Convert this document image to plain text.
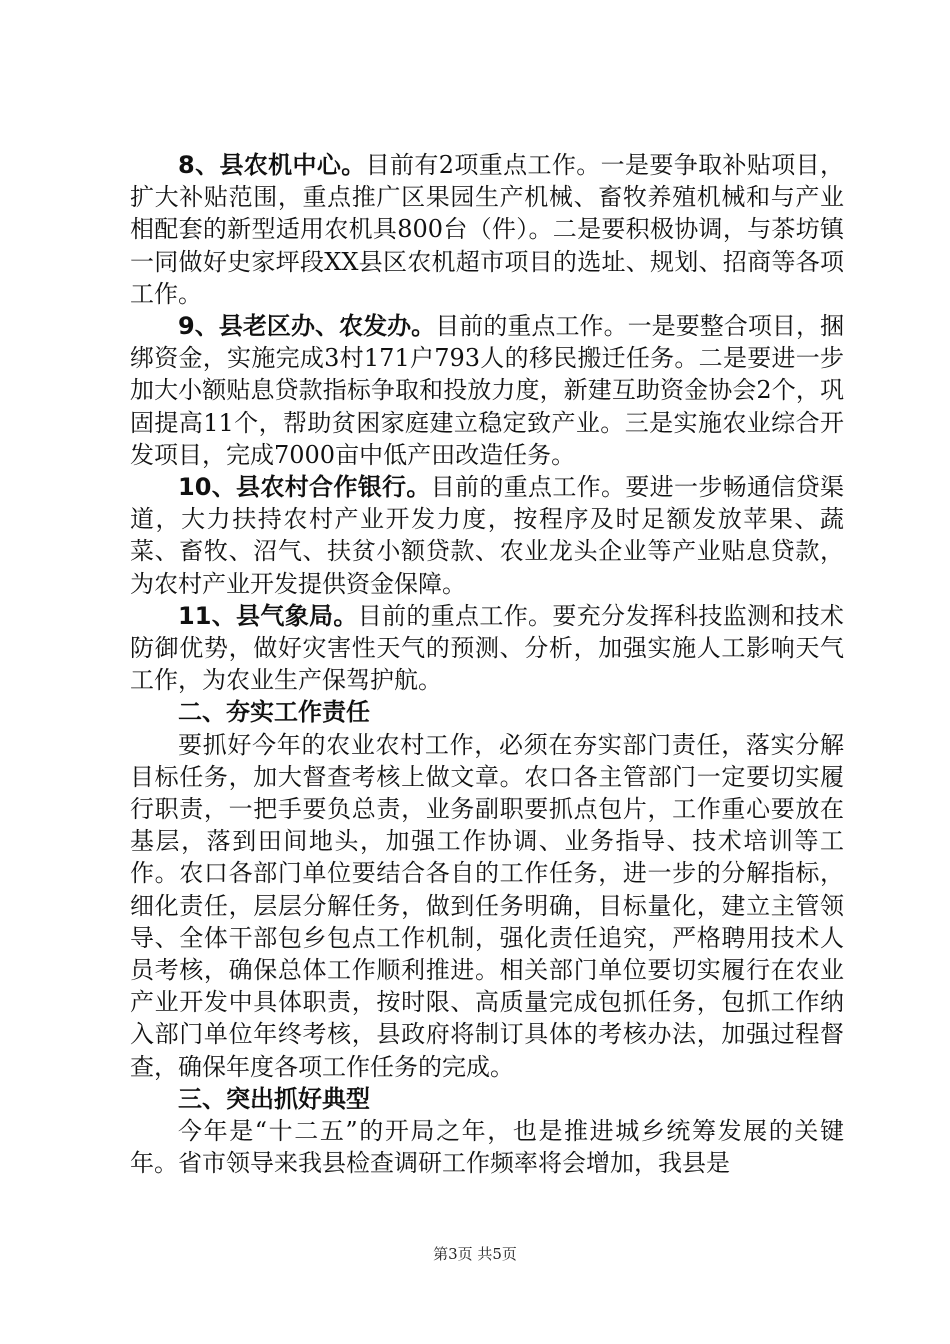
8、县农机中心。目前有2项重点工作。一是要争取补贴项目，扩大补贴范围，重点推广区果园生产机械、畜牧养殖机械和与产业相配套的新型适用农机具800台（件）。二是要积极协调，与茶坊镇一同做好史家坪段XX县区农机超市项目的选址、规划、招商等各项工作。

9、县老区办、农发办。目前的重点工作。一是要整合项目，捆绑资金，实施完成3村171户793人的移民搬迁任务。二是要进一步加大小额贴息贷款指标争取和投放力度，新建互助资金协会2个，巩固提高11个，帮助贫困家庭建立稳定致产业。三是实施农业综合开发项目，完成7000亩中低产田改造任务。

10、县农村合作银行。目前的重点工作。要进一步畅通信贷渠道，大力扶持农村产业开发力度，按程序及时足额发放苹果、蔬菜、畜牧、沼气、扶贫小额贷款、农业龙头企业等产业贴息贷款，为农村产业开发提供资金保障。

11、县气象局。目前的重点工作。要充分发挥科技监测和技术防御优势，做好灾害性天气的预测、分析，加强实施人工影响天气工作，为农业生产保驾护航。

二、夯实工作责任

要抓好今年的农业农村工作，必须在夯实部门责任，落实分解目标任务，加大督查考核上做文章。农口各主管部门一定要切实履行职责，一把手要负总责，业务副职要抓点包片，工作重心要放在基层，落到田间地头，加强工作协调、业务指导、技术培训等工作。农口各部门单位要结合各自的工作任务，进一步的分解指标，细化责任，层层分解任务，做到任务明确，目标量化，建立主管领导、全体干部包乡包点工作机制，强化责任追究，严格聘用技术人员考核，确保总体工作顺利推进。相关部门单位要切实履行在农业产业开发中具体职责，按时限、高质量完成包抓任务，包抓工作纳入部门单位年终考核，县政府将制订具体的考核办法，加强过程督查，确保年度各项工作任务的完成。

三、突出抓好典型

今年是“十二五”的开局之年，也是推进城乡统筹发展的关键年。省市领导来我县检查调研工作频率将会增加，我县是

第3页 共5页
